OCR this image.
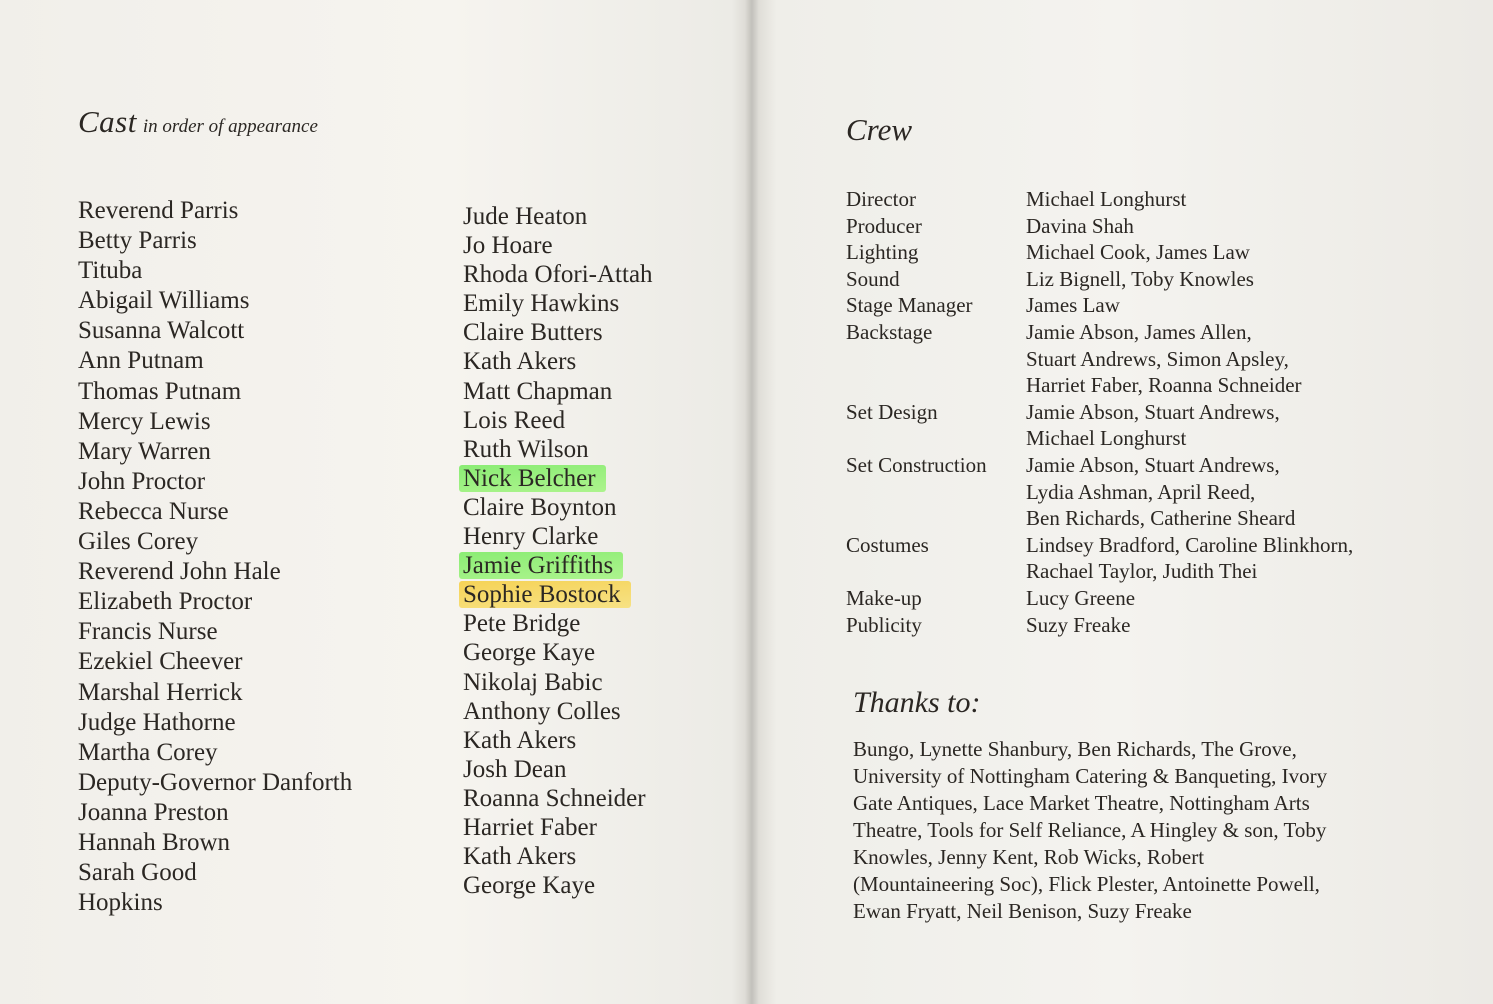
Cast in order of appearance
Reverend Parris
Betty Parris
Tituba
Abigail Williams
Susanna Walcott
Ann Putnam
Thomas Putnam
Mercy Lewis
Mary Warren
John Proctor
Rebecca Nurse
Giles Corey
Reverend John Hale
Elizabeth Proctor
Francis Nurse
Ezekiel Cheever
Marshal Herrick
Judge Hathorne
Martha Corey
Deputy-Governor Danforth
Joanna Preston
Hannah Brown
Sarah Good
Hopkins
Jude Heaton
Jo Hoare
Rhoda Ofori-Attah
Emily Hawkins
Claire Butters
Kath Akers
Matt Chapman
Lois Reed
Ruth Wilson
Nick Belcher
Claire Boynton
Henry Clarke
Jamie Griffiths
Sophie Bostock
Pete Bridge
George Kaye
Nikolaj Babic
Anthony Colles
Kath Akers
Josh Dean
Roanna Schneider
Harriet Faber
Kath Akers
George Kaye
Crew
Director	Michael Longhurst
Producer	Davina Shah
Lighting	Michael Cook, James Law
Sound	Liz Bignell, Toby Knowles
Stage Manager	James Law
Backstage	Jamie Abson, James Allen,
Stuart Andrews, Simon Apsley,
Harriet Faber, Roanna Schneider
Set Design	Jamie Abson, Stuart Andrews,
Michael Longhurst
Set Construction	Jamie Abson, Stuart Andrews,
Lydia Ashman, April Reed,
Ben Richards, Catherine Sheard
Costumes	Lindsey Bradford, Caroline Blinkhorn,
Rachael Taylor, Judith Thei
Make-up	Lucy Greene
Publicity	Suzy Freake
Thanks to:
Bungo, Lynette Shanbury, Ben Richards, The Grove,
University of Nottingham Catering & Banqueting, Ivory
Gate Antiques, Lace Market Theatre, Nottingham Arts
Theatre, Tools for Self Reliance, A Hingley & son, Toby
Knowles, Jenny Kent, Rob Wicks, Robert
(Mountaineering Soc), Flick Plester, Antoinette Powell,
Ewan Fryatt, Neil Benison, Suzy Freake
